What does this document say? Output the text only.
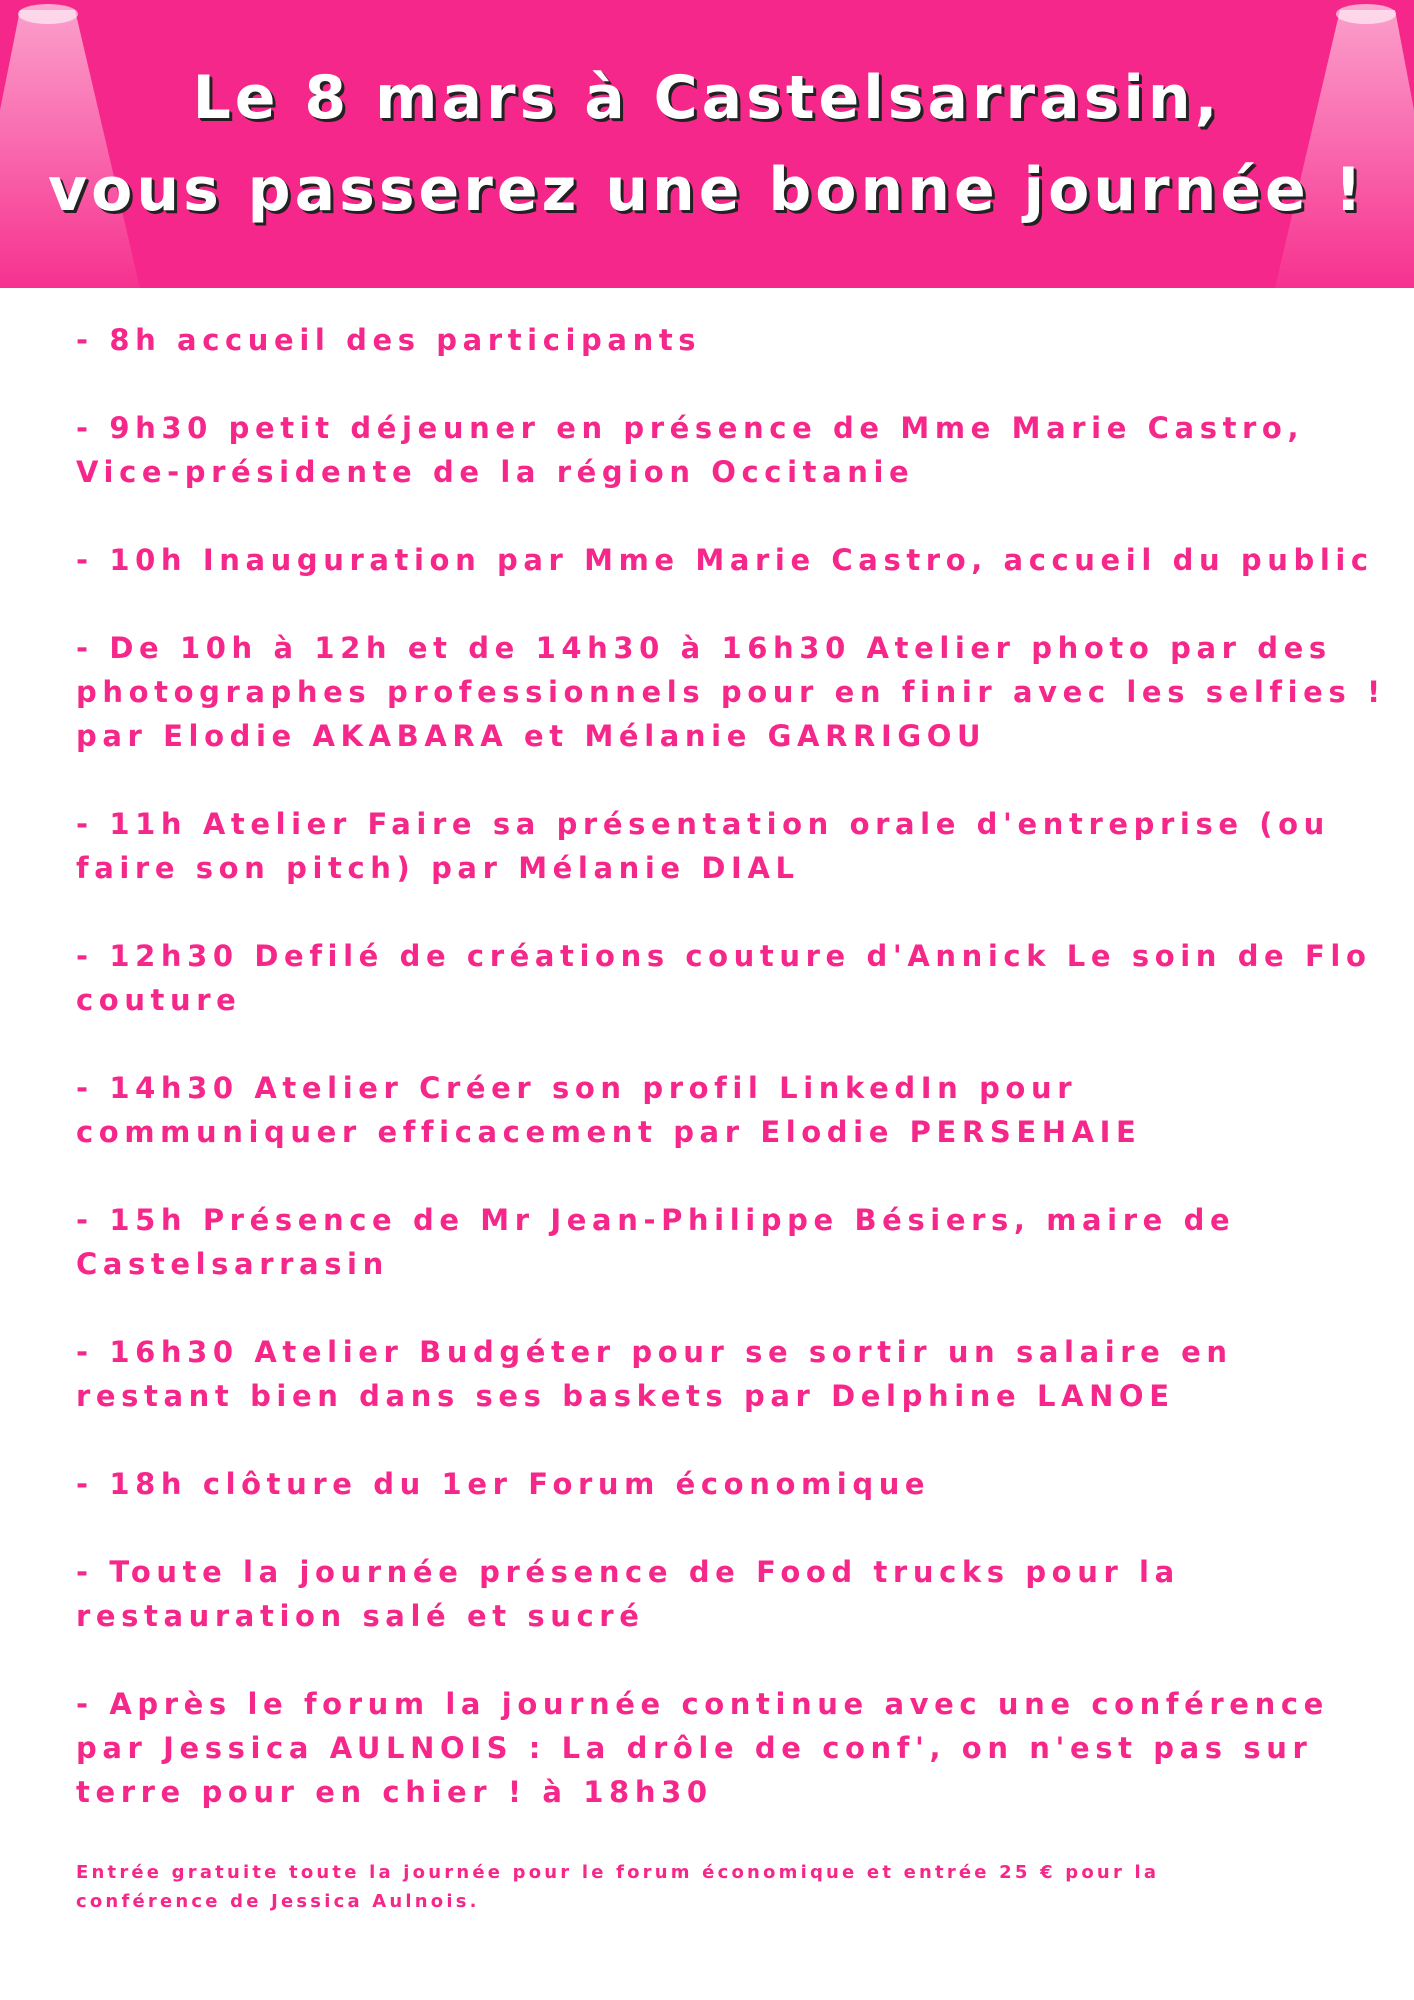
Le 8 mars à Castelsarrasin,
vous passerez une bonne journée !
- 8h accueil des participants
- 9h30 petit déjeuner en présence de Mme Marie Castro,
Vice-présidente de la région Occitanie
- 10h Inauguration par Mme Marie Castro, accueil du public
- De 10h à 12h et de 14h30 à 16h30 Atelier photo par des
photographes professionnels pour en finir avec les selfies !
par Elodie AKABARA et Mélanie GARRIGOU
- 11h Atelier Faire sa présentation orale d'entreprise (ou
faire son pitch) par Mélanie DIAL
- 12h30 Defilé de créations couture d'Annick Le soin de Flo
couture
- 14h30 Atelier Créer son profil LinkedIn pour
communiquer efficacement par Elodie PERSEHAIE
- 15h Présence de Mr Jean-Philippe Bésiers, maire de
Castelsarrasin
- 16h30 Atelier Budgéter pour se sortir un salaire en
restant bien dans ses baskets par Delphine LANOE
- 18h clôture du 1er Forum économique
- Toute la journée présence de Food trucks pour la
restauration salé et sucré
- Après le forum la journée continue avec une conférence
par Jessica AULNOIS : La drôle de conf', on n'est pas sur
terre pour en chier ! à 18h30
Entrée gratuite toute la journée pour le forum économique et entrée 25 € pour la
conférence de Jessica Aulnois.
